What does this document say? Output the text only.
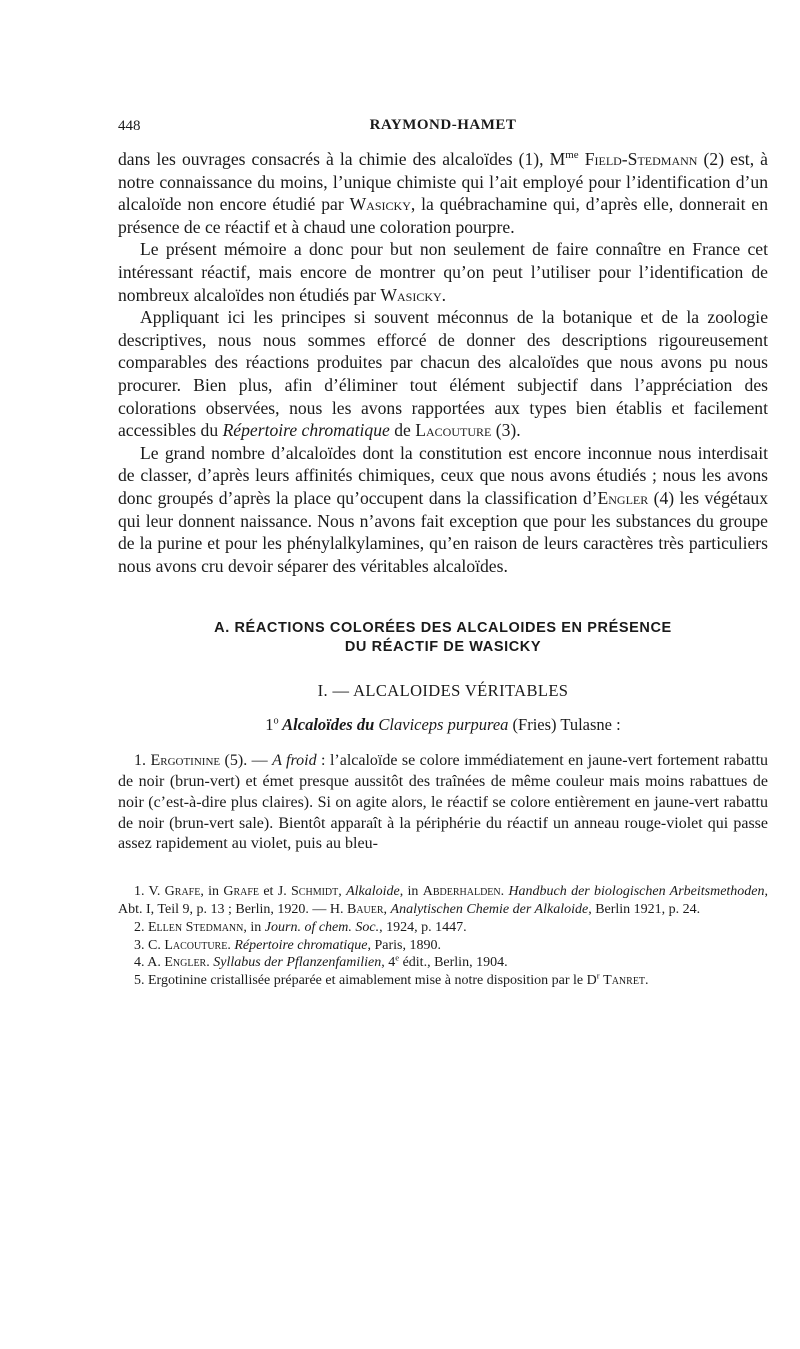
448	RAYMOND-HAMET

dans les ouvrages consacrés à la chimie des alcaloïdes (1), $M^{me}$ Field-Stedmann (2) est, à notre connaissance du moins, l’unique chimiste qui l’ait employé pour l’identification d’un alcaloïde non encore étudié par Wasicky, la québrachamine qui, d’après elle, donnerait en présence de ce réactif et à chaud une coloration pourpre.

Le présent mémoire a donc pour but non seulement de faire connaître en France cet intéressant réactif, mais encore de montrer qu’on peut l’utiliser pour l’identification de nombreux alcaloïdes non étudiés par Wasicky.

Appliquant ici les principes si souvent méconnus de la botanique et de la zoologie descriptives, nous nous sommes efforcé de donner des descriptions rigoureusement comparables des réactions produites par chacun des alcaloïdes que nous avons pu nous procurer. Bien plus, afin d’éliminer tout élément subjectif dans l’appréciation des colorations observées, nous les avons rapportées aux types bien établis et facilement accessibles du Répertoire chromatique de Lacouture (3).

Le grand nombre d’alcaloïdes dont la constitution est encore inconnue nous interdisait de classer, d’après leurs affinités chimiques, ceux que nous avons étudiés ; nous les avons donc groupés d’après la place qu’occupent dans la classification d’Engler (4) les végétaux qui leur donnent naissance. Nous n’avons fait exception que pour les substances du groupe de la purine et pour les phénylalkylamines, qu’en raison de leurs caractères très particuliers nous avons cru devoir séparer des véritables alcaloïdes.

A. RÉACTIONS COLORÉES DES ALCALOIDES EN PRÉSENCE
DU RÉACTIF DE WASICKY
I. — ALCALOIDES VÉRITABLES
1$^o$ Alcaloïdes du Claviceps purpurea (Fries) Tulasne :

1. Ergotinine (5). — A froid : l’alcaloïde se colore immédiatement en jaune-vert fortement rabattu de noir (brun-vert) et émet presque aussitôt des traînées de même couleur mais moins rabattues de noir (c’est-à-dire plus claires). Si on agite alors, le réactif se colore entièrement en jaune-vert rabattu de noir (brun-vert sale). Bientôt apparaît à la périphérie du réactif un anneau rouge-violet qui passe assez rapidement au violet, puis au bleu-

1. V. Grafe, in Grafe et J. Schmidt, Alkaloide, in Abderhalden. Handbuch der biologischen Arbeitsmethoden, Abt. I, Teil 9, p. 13 ; Berlin, 1920. — H. Bauer, Analytischen Chemie der Alkaloide, Berlin 1921, p. 24.

2. Ellen Stedmann, in Journ. of chem. Soc., 1924, p. 1447.

3. C. Lacouture. Répertoire chromatique, Paris, 1890.

4. A. Engler. Syllabus der Pflanzenfamilien, 4e édit., Berlin, 1904.

5. Ergotinine cristallisée préparée et aimablement mise à notre disposition par le $D^r$ Tanret.
